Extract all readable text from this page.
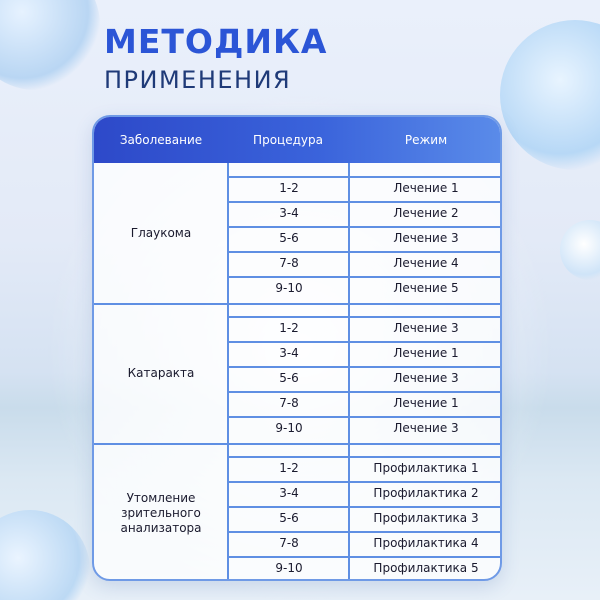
МЕТОДИКА
ПРИМЕНЕНИЯ
Заболевание	Процедура	Режим
Глаукома
1-2	Лечение 1
3-4	Лечение 2
5-6	Лечение 3
7-8	Лечение 4
9-10	Лечение 5
Катаракта
1-2	Лечение 3
3-4	Лечение 1
5-6	Лечение 3
7-8	Лечение 1
9-10	Лечение 3
Утомление зрительного анализатора
1-2	Профилактика 1
3-4	Профилактика 2
5-6	Профилактика 3
7-8	Профилактика 4
9-10	Профилактика 5
